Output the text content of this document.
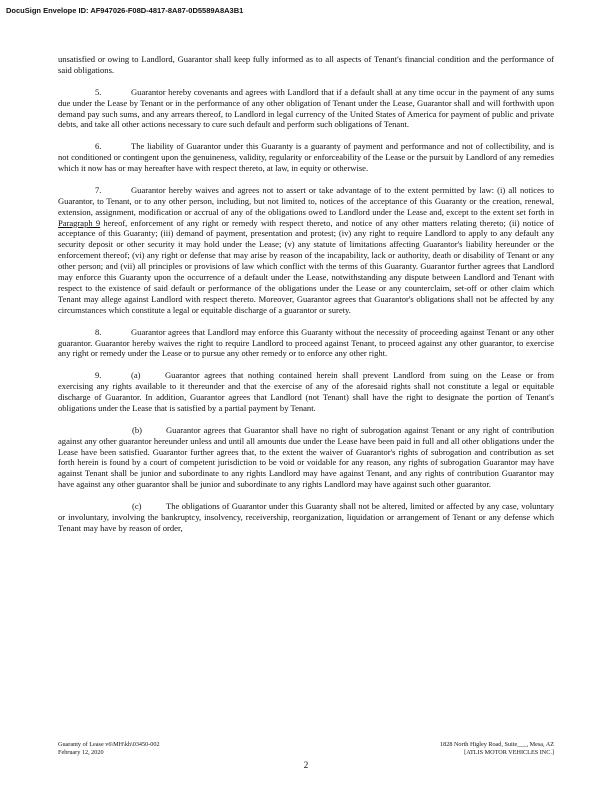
DocuSign Envelope ID: AF947026-F08D-4817-8A87-0D5589A8A3B1

unsatisfied or owing to Landlord, Guarantor shall keep fully informed as to all aspects of Tenant's financial condition and the performance of said obligations.

5.	Guarantor hereby covenants and agrees with Landlord that if a default shall at any time occur in the payment of any sums due under the Lease by Tenant or in the performance of any other obligation of Tenant under the Lease, Guarantor shall and will forthwith upon demand pay such sums, and any arrears thereof, to Landlord in legal currency of the United States of America for payment of public and private debts, and take all other actions necessary to cure such default and perform such obligations of Tenant.

6.	The liability of Guarantor under this Guaranty is a guaranty of payment and performance and not of collectibility, and is not conditioned or contingent upon the genuineness, validity, regularity or enforceability of the Lease or the pursuit by Landlord of any remedies which it now has or may hereafter have with respect thereto, at law, in equity or otherwise.

7.	Guarantor hereby waives and agrees not to assert or take advantage of to the extent permitted by law: (i) all notices to Guarantor, to Tenant, or to any other person, including, but not limited to, notices of the acceptance of this Guaranty or the creation, renewal, extension, assignment, modification or accrual of any of the obligations owed to Landlord under the Lease and, except to the extent set forth in Paragraph 9 hereof, enforcement of any right or remedy with respect thereto, and notice of any other matters relating thereto; (ii) notice of acceptance of this Guaranty; (iii) demand of payment, presentation and protest; (iv) any right to require Landlord to apply to any default any security deposit or other security it may hold under the Lease; (v) any statute of limitations affecting Guarantor's liability hereunder or the enforcement thereof; (vi) any right or defense that may arise by reason of the incapability, lack or authority, death or disability of Tenant or any other person; and (vii) all principles or provisions of law which conflict with the terms of this Guaranty. Guarantor further agrees that Landlord may enforce this Guaranty upon the occurrence of a default under the Lease, notwithstanding any dispute between Landlord and Tenant with respect to the existence of said default or performance of the obligations under the Lease or any counterclaim, set-off or other claim which Tenant may allege against Landlord with respect thereto. Moreover, Guarantor agrees that Guarantor's obligations shall not be affected by any circumstances which constitute a legal or equitable discharge of a guarantor or surety.

8.	Guarantor agrees that Landlord may enforce this Guaranty without the necessity of proceeding against Tenant or any other guarantor. Guarantor hereby waives the right to require Landlord to proceed against Tenant, to proceed against any other guarantor, to exercise any right or remedy under the Lease or to pursue any other remedy or to enforce any other right.

9.	(a)	Guarantor agrees that nothing contained herein shall prevent Landlord from suing on the Lease or from exercising any rights available to it thereunder and that the exercise of any of the aforesaid rights shall not constitute a legal or equitable discharge of Guarantor. In addition, Guarantor agrees that Landlord (not Tenant) shall have the right to designate the portion of Tenant's obligations under the Lease that is satisfied by a partial payment by Tenant.

(b)	Guarantor agrees that Guarantor shall have no right of subrogation against Tenant or any right of contribution against any other guarantor hereunder unless and until all amounts due under the Lease have been paid in full and all other obligations under the Lease have been satisfied. Guarantor further agrees that, to the extent the waiver of Guarantor's rights of subrogation and contribution as set forth herein is found by a court of competent jurisdiction to be void or voidable for any reason, any rights of subrogation Guarantor may have against Tenant shall be junior and subordinate to any rights Landlord may have against Tenant, and any rights of contribution Guarantor may have against any other guarantor shall be junior and subordinate to any rights Landlord may have against such other guarantor.

(c)	The obligations of Guarantor under this Guaranty shall not be altered, limited or affected by any case, voluntary or involuntary, involving the bankruptcy, insolvency, receivership, reorganization, liquidation or arrangement of Tenant or any defense which Tenant may have by reason of order,

Guaranty of Lease v6\MH\kh\03450-002
February 12, 2020
1828 North Higley Road, Suite___, Mesa, AZ
[ATLIS MOTOR VEHICLES INC.]
2
